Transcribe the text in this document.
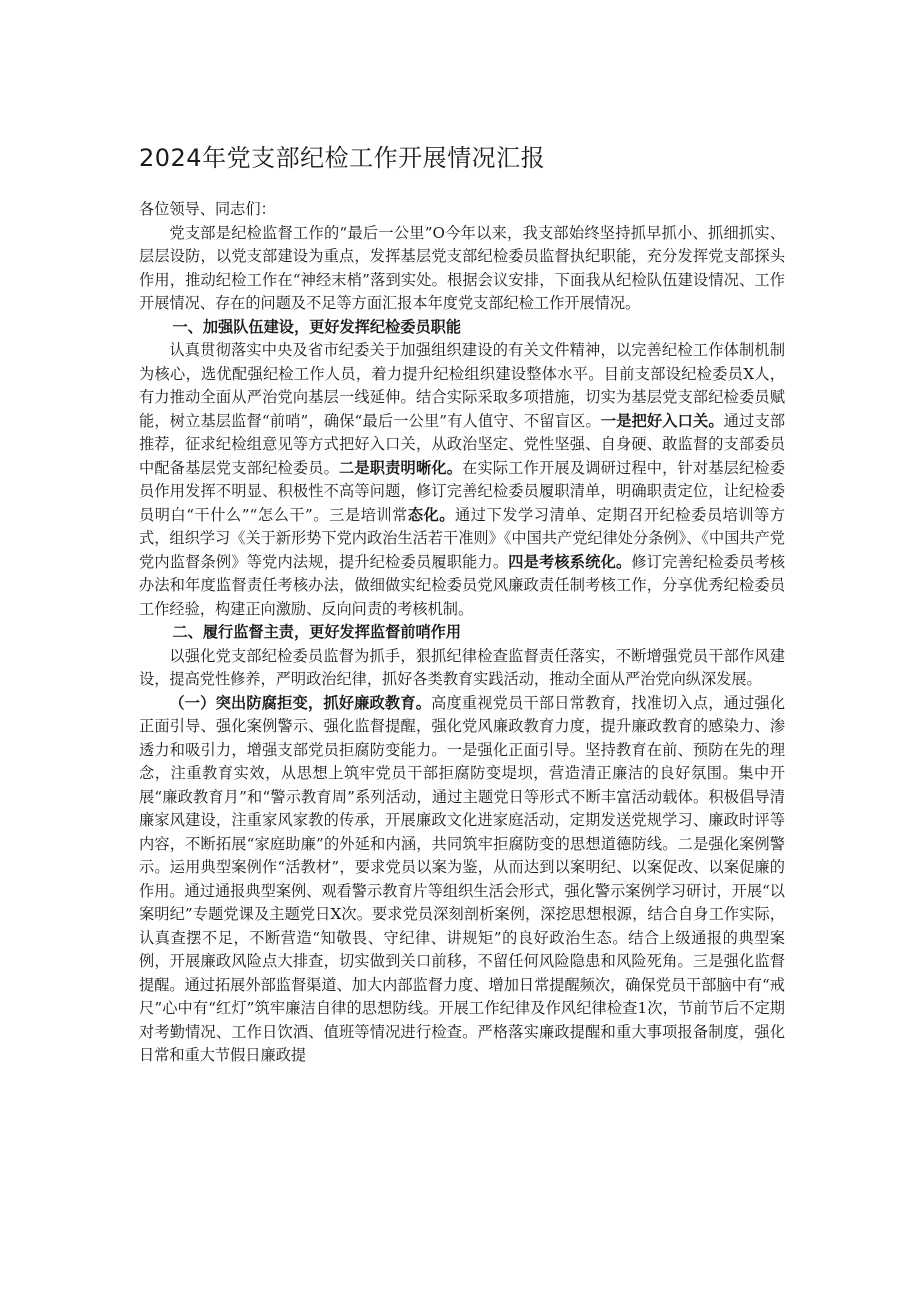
2024年党支部纪检工作开展情况汇报

各位领导、同志们：

党支部是纪检监督工作的“最后一公里”O今年以来，我支部始终坚持抓早抓小、抓细抓实、层层设防，以党支部建设为重点，发挥基层党支部纪检委员监督执纪职能，充分发挥党支部探头作用，推动纪检工作在“神经末梢”落到实处。根据会议安排，下面我从纪检队伍建设情况、工作开展情况、存在的问题及不足等方面汇报本年度党支部纪检工作开展情况。

一、加强队伍建设，更好发挥纪检委员职能

认真贯彻落实中央及省市纪委关于加强组织建设的有关文件精神，以完善纪检工作体制机制为核心，选优配强纪检工作人员，着力提升纪检组织建设整体水平。目前支部设纪检委员X人，有力推动全面从严治党向基层一线延伸。结合实际采取多项措施，切实为基层党支部纪检委员赋能，树立基层监督“前哨”，确保“最后一公里”有人值守、不留盲区。一是把好入口关。通过支部推荐，征求纪检组意见等方式把好入口关，从政治坚定、党性坚强、自身硬、敢监督的支部委员中配备基层党支部纪检委员。二是职责明晰化。在实际工作开展及调研过程中，针对基层纪检委员作用发挥不明显、积极性不高等问题，修订完善纪检委员履职清单，明确职责定位，让纪检委员明白“干什么”“怎么干”。三是培训常态化。通过下发学习清单、定期召开纪检委员培训等方式，组织学习《关于新形势下党内政治生活若干准则》《中国共产党纪律处分条例》、《中国共产党党内监督条例》等党内法规，提升纪检委员履职能力。四是考核系统化。修订完善纪检委员考核办法和年度监督责任考核办法，做细做实纪检委员党风廉政责任制考核工作，分享优秀纪检委员工作经验，构建正向激励、反向问责的考核机制。

二、履行监督主责，更好发挥监督前哨作用

以强化党支部纪检委员监督为抓手，狠抓纪律检查监督责任落实，不断增强党员干部作风建设，提高党性修养，严明政治纪律，抓好各类教育实践活动，推动全面从严治党向纵深发展。

（一）突出防腐拒变，抓好廉政教育。高度重视党员干部日常教育，找准切入点，通过强化正面引导、强化案例警示、强化监督提醒，强化党风廉政教育力度，提升廉政教育的感染力、渗透力和吸引力，增强支部党员拒腐防变能力。一是强化正面引导。坚持教育在前、预防在先的理念，注重教育实效，从思想上筑牢党员干部拒腐防变堤坝，营造清正廉洁的良好氛围。集中开展“廉政教育月”和“警示教育周”系列活动，通过主题党日等形式不断丰富活动载体。积极倡导清廉家风建设，注重家风家教的传承，开展廉政文化进家庭活动，定期发送党规学习、廉政时评等内容，不断拓展“家庭助廉”的外延和内涵，共同筑牢拒腐防变的思想道德防线。二是强化案例警示。运用典型案例作“活教材”，要求党员以案为鉴，从而达到以案明纪、以案促改、以案促廉的作用。通过通报典型案例、观看警示教育片等组织生活会形式，强化警示案例学习研讨，开展“以案明纪”专题党课及主题党日X次。要求党员深刻剖析案例，深挖思想根源，结合自身工作实际，认真查摆不足，不断营造“知敬畏、守纪律、讲规矩”的良好政治生态。结合上级通报的典型案例，开展廉政风险点大排查，切实做到关口前移，不留任何风险隐患和风险死角。三是强化监督提醒。通过拓展外部监督渠道、加大内部监督力度、增加日常提醒频次，确保党员干部脑中有“戒尺”心中有“红灯”筑牢廉洁自律的思想防线。开展工作纪律及作风纪律检查1次，节前节后不定期对考勤情况、工作日饮酒、值班等情况进行检查。严格落实廉政提醒和重大事项报备制度，强化日常和重大节假日廉政提
